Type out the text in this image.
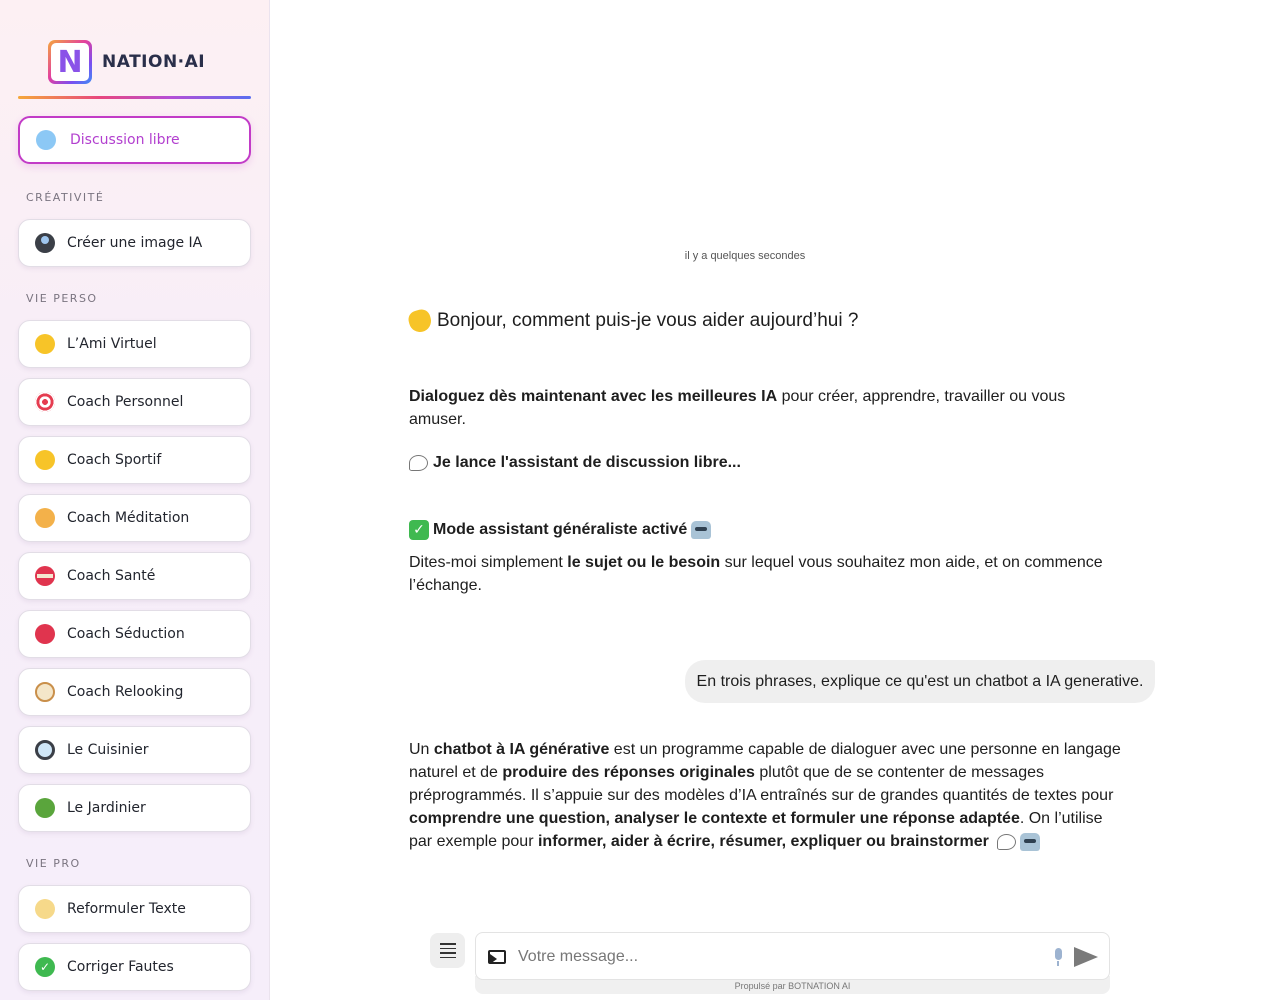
N	NATION·AI
Discussion libre
CRÉATIVITÉ
Créer une image IA
VIE PERSO
L’Ami Virtuel
Coach Personnel
Coach Sportif
Coach Méditation
Coach Santé
Coach Séduction
Coach Relooking
Le Cuisinier
Le Jardinier
VIE PRO
Reformuler Texte
✓	Corriger Fautes
il y a quelques secondes
Bonjour, comment puis-je vous aider aujourd’hui ?
Dialoguez dès maintenant avec les meilleures IA pour créer, apprendre, travailler ou vous amuser.
Je lance l'assistant de discussion libre...
✓ Mode assistant généraliste activé
Dites-moi simplement le sujet ou le besoin sur lequel vous souhaitez mon aide, et on commence l’échange.
En trois phrases, explique ce qu'est un chatbot a IA generative.
Un chatbot à IA générative est un programme capable de dialoguer avec une personne en langage naturel et de produire des réponses originales plutôt que de se contenter de messages préprogrammés. Il s’appuie sur des modèles d’IA entraînés sur de grandes quantités de textes pour comprendre une question, analyser le contexte et formuler une réponse adaptée. On l’utilise par exemple pour informer, aider à écrire, résumer, expliquer ou brainstormer
Propulsé par BOTNATION AI
Votre message...
